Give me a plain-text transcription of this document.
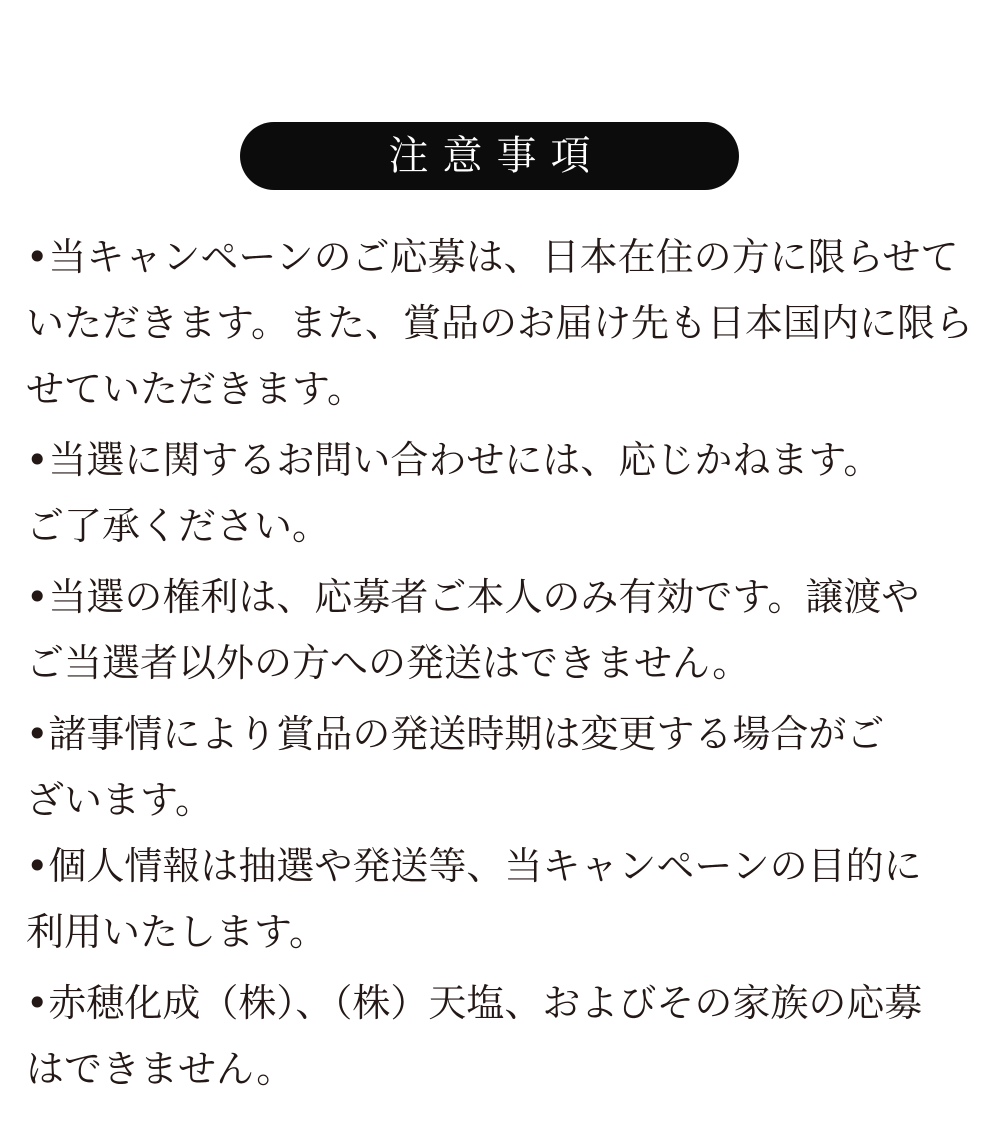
注意事項
•当キャンペーンのご応募は、日本在住の方に限らせて
いただきます。また、賞品のお届け先も日本国内に限ら
せていただきます。
•当選に関するお問い合わせには、応じかねます。
ご了承ください。
•当選の権利は、応募者ご本人のみ有効です。譲渡や
ご当選者以外の方への発送はできません。
•諸事情により賞品の発送時期は変更する場合がご
ざいます。
•個人情報は抽選や発送等、当キャンペーンの目的に
利用いたします。
•赤穂化成（株）、（株）天塩、およびその家族の応募
はできません。
